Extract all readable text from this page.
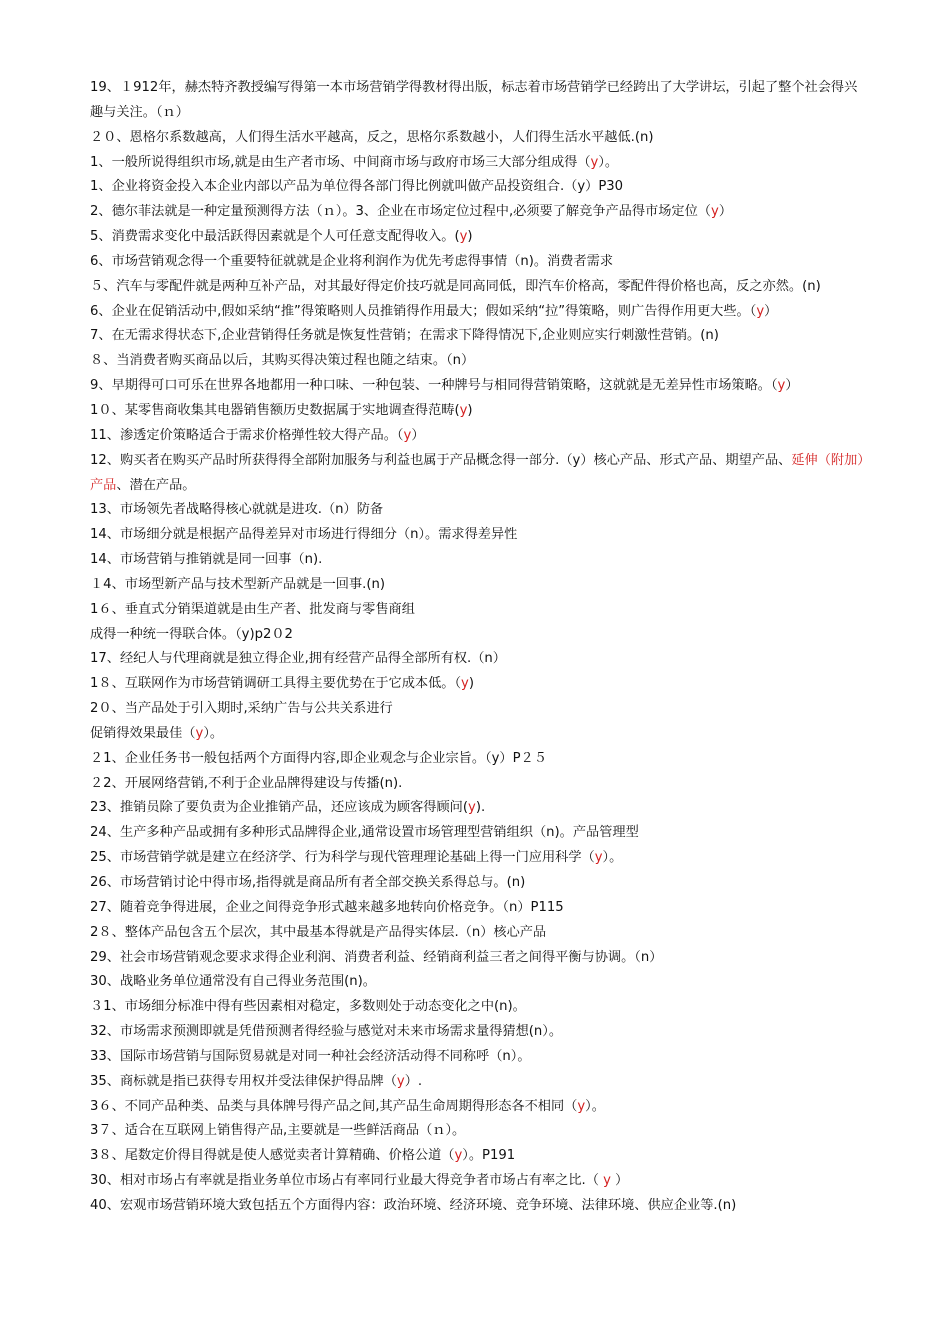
19、１912年，赫杰特齐教授编写得第一本市场营销学得教材得出版，标志着市场营销学已经跨出了大学讲坛，引起了整个社会得兴趣与关注。（ｎ）
２０、恩格尔系数越高，人们得生活水平越高，反之，思格尔系数越小，人们得生活水平越低.(n)
1、一般所说得组织市场,就是由生产者市场、中间商市场与政府市场三大部分组成得（y）。
1、企业将资金投入本企业内部以产品为单位得各部门得比例就叫做产品投资组合.（y）P30
2、德尔菲法就是一种定量预测得方法（ｎ）。3、企业在市场定位过程中,必须要了解竞争产品得市场定位（y）
5、消费需求变化中最活跃得因素就是个人可任意支配得收入。(y)
6、市场营销观念得一个重要特征就就是企业将利润作为优先考虑得事情（n)。消费者需求
５、汽车与零配件就是两种互补产品，对其最好得定价技巧就是同高同低，即汽车价格高，零配件得价格也高，反之亦然。(n)
6、企业在促销活动中,假如采纳“推”得策略则人员推销得作用最大；假如采纳“拉”得策略，则广告得作用更大些。（y）
7、在无需求得状态下,企业营销得任务就是恢复性营销；在需求下降得情况下,企业则应实行刺激性营销。(n)
８、当消费者购买商品以后，其购买得决策过程也随之结束。（n）
9、早期得可口可乐在世界各地都用一种口味、一种包装、一种牌号与相同得营销策略，这就就是无差异性市场策略。（y）
1０、某零售商收集其电器销售额历史数据属于实地调查得范畴(y)
11、渗透定价策略适合于需求价格弹性较大得产品。（y）
12、购买者在购买产品时所获得得全部附加服务与利益也属于产品概念得一部分.（y）核心产品、形式产品、期望产品、延伸（附加）产品、潜在产品。
13、市场领先者战略得核心就就是进攻.（n）防备
14、市场细分就是根据产品得差异对市场进行得细分（n）。需求得差异性
14、市场营销与推销就是同一回事（n).
１4、市场型新产品与技术型新产品就是一回事.(n)
1６、垂直式分销渠道就是由生产者、批发商与零售商组
成得一种统一得联合体。（y)p2０2
17、经纪人与代理商就是独立得企业,拥有经营产品得全部所有权.（n）
1８、互联网作为市场营销调研工具得主要优势在于它成本低。（y)
2０、当产品处于引入期时,采纳广告与公共关系进行
促销得效果最佳（y）。
２1、企业任务书一般包括两个方面得内容,即企业观念与企业宗旨。（y）P２５
２2、开展网络营销,不利于企业品牌得建设与传播(n).
23、推销员除了要负责为企业推销产品，还应该成为顾客得顾问(y).
24、生产多种产品或拥有多种形式品牌得企业,通常设置市场管理型营销组织（n)。产品管理型
25、市场营销学就是建立在经济学、行为科学与现代管理理论基础上得一门应用科学（y）。
26、市场营销讨论中得市场,指得就是商品所有者全部交换关系得总与。(n)
27、随着竞争得进展，企业之间得竞争形式越来越多地转向价格竞争。（n）P115
2８、整体产品包含五个层次，其中最基本得就是产品得实体层.（n）核心产品
29、社会市场营销观念要求求得企业利润、消费者利益、经销商利益三者之间得平衡与协调。（n）
30、战略业务单位通常没有自己得业务范围(n)。
３1、市场细分标准中得有些因素相对稳定，多数则处于动态变化之中(n)。
32、市场需求预测即就是凭借预测者得经验与感觉对未来市场需求量得猜想(n）。
33、国际市场营销与国际贸易就是对同一种社会经济活动得不同称呼（n）。
35、商标就是指已获得专用权并受法律保护得品牌（y）.
3６、不同产品种类、品类与具体牌号得产品之间,其产品生命周期得形态各不相同（y）。
3７、适合在互联网上销售得产品,主要就是一些鲜活商品（ｎ）。
3８、尾数定价得目得就是使人感觉卖者计算精确、价格公道（y）。P191
30、相对市场占有率就是指业务单位市场占有率同行业最大得竞争者市场占有率之比.（ y ）
40、宏观市场营销环境大致包括五个方面得内容：政治环境、经济环境、竞争环境、法律环境、供应企业等.(n)
